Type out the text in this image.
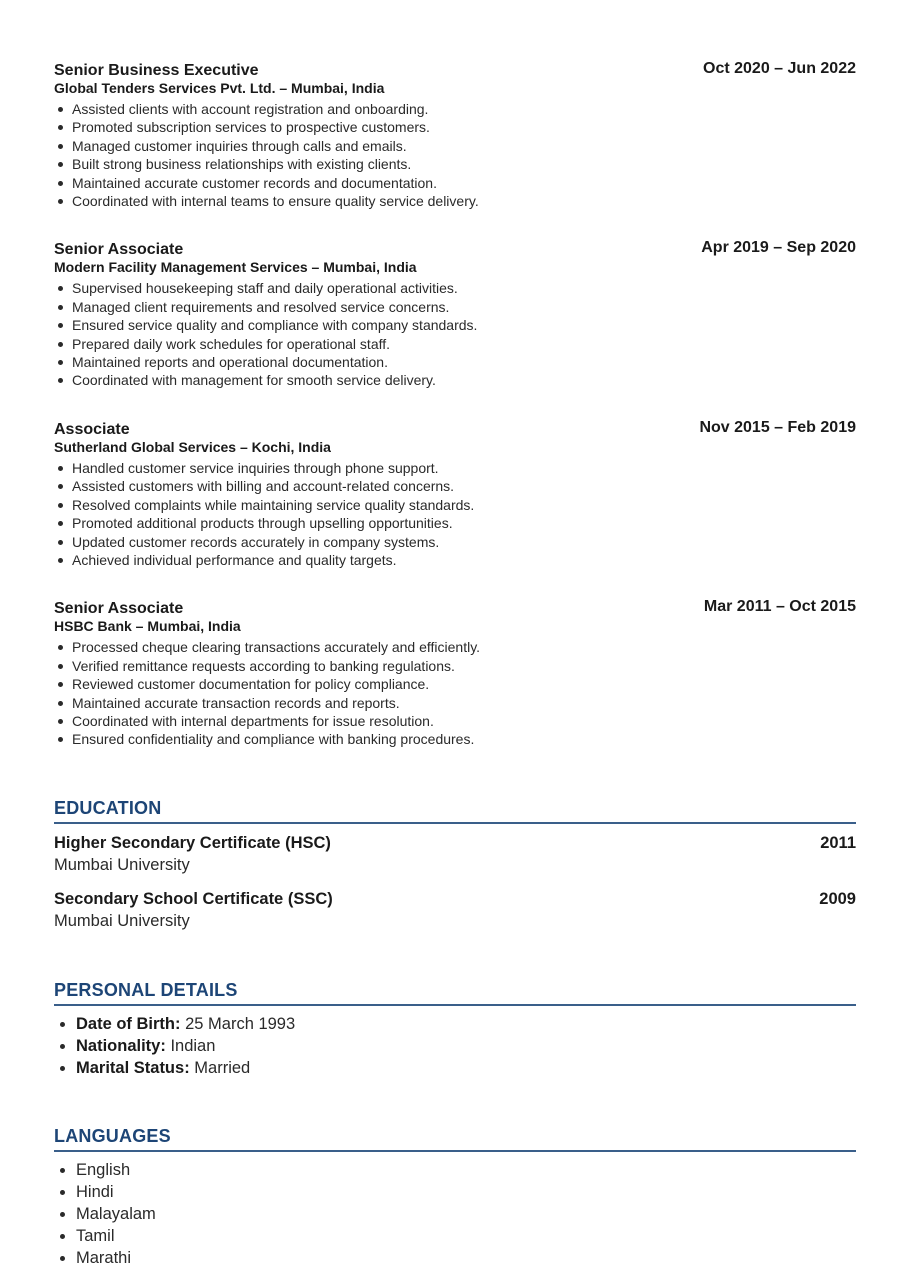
Senior Business Executive	Oct 2020 – Jun 2022
Global Tenders Services Pvt. Ltd. – Mumbai, India
Assisted clients with account registration and onboarding.
Promoted subscription services to prospective customers.
Managed customer inquiries through calls and emails.
Built strong business relationships with existing clients.
Maintained accurate customer records and documentation.
Coordinated with internal teams to ensure quality service delivery.
Senior Associate	Apr 2019 – Sep 2020
Modern Facility Management Services – Mumbai, India
Supervised housekeeping staff and daily operational activities.
Managed client requirements and resolved service concerns.
Ensured service quality and compliance with company standards.
Prepared daily work schedules for operational staff.
Maintained reports and operational documentation.
Coordinated with management for smooth service delivery.
Associate	Nov 2015 – Feb 2019
Sutherland Global Services – Kochi, India
Handled customer service inquiries through phone support.
Assisted customers with billing and account-related concerns.
Resolved complaints while maintaining service quality standards.
Promoted additional products through upselling opportunities.
Updated customer records accurately in company systems.
Achieved individual performance and quality targets.
Senior Associate	Mar 2011 – Oct 2015
HSBC Bank – Mumbai, India
Processed cheque clearing transactions accurately and efficiently.
Verified remittance requests according to banking regulations.
Reviewed customer documentation for policy compliance.
Maintained accurate transaction records and reports.
Coordinated with internal departments for issue resolution.
Ensured confidentiality and compliance with banking procedures.
EDUCATION
Higher Secondary Certificate (HSC)	2011
Mumbai University
Secondary School Certificate (SSC)	2009
Mumbai University
PERSONAL DETAILS
Date of Birth: 25 March 1993
Nationality: Indian
Marital Status: Married
LANGUAGES
English
Hindi
Malayalam
Tamil
Marathi
